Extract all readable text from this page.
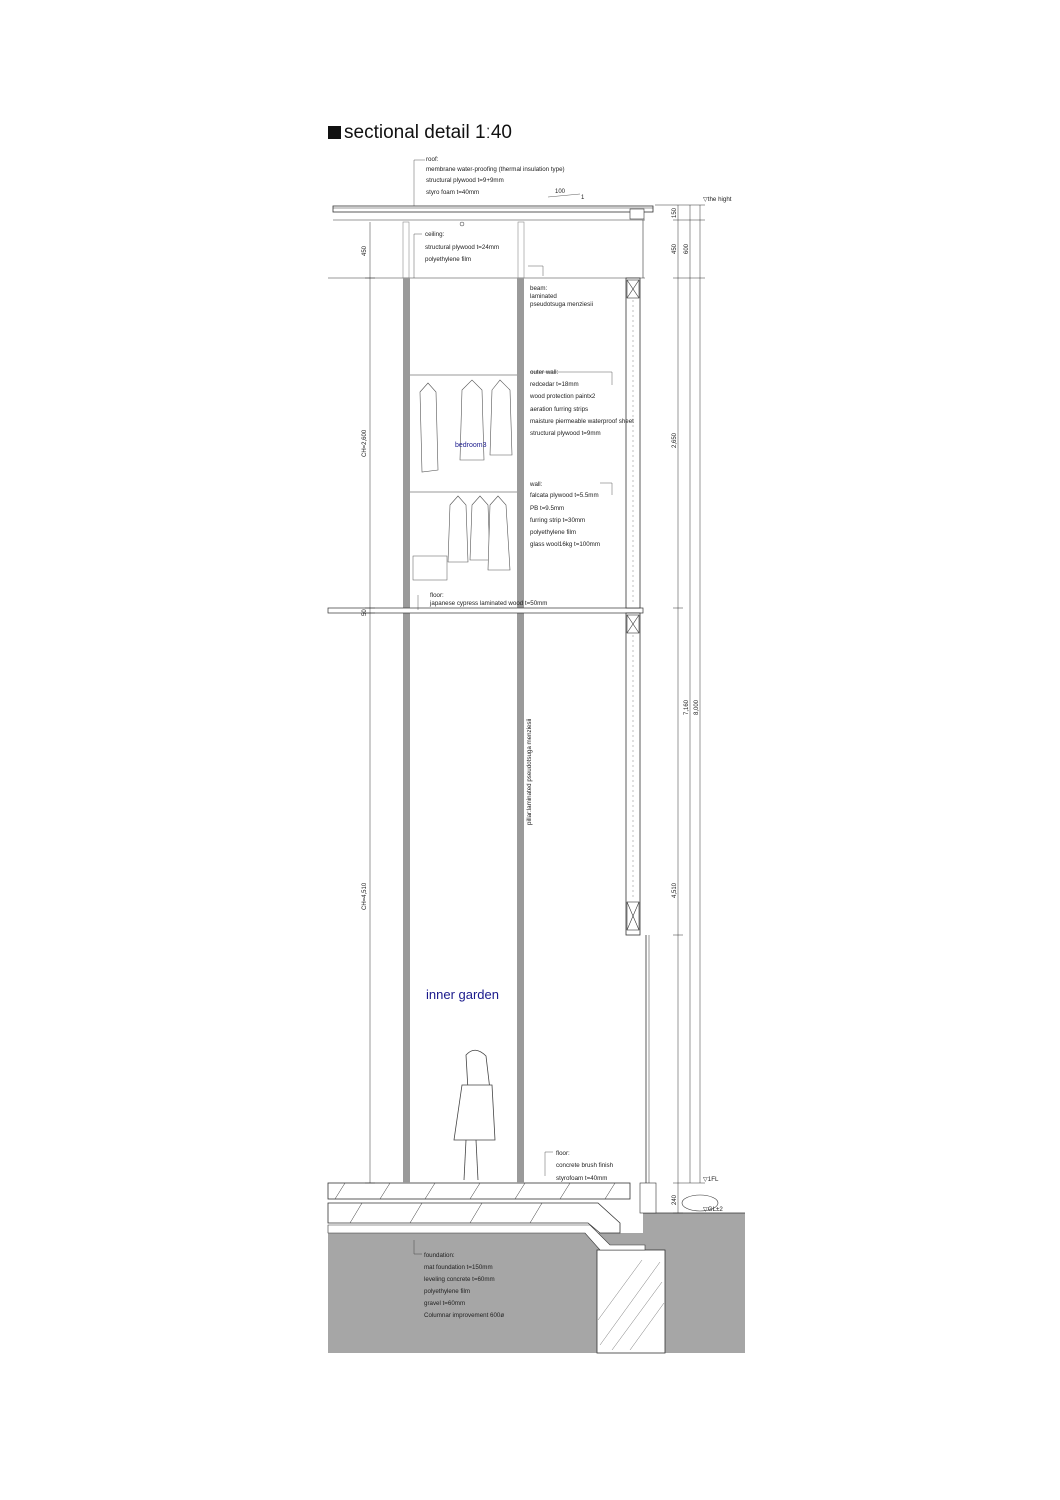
sectional detail 1ː40
roof:
membrane water-proofing (thermal insulation type)
structural plywood t=9+9mm
styro foam t=40mm	100
1
ceiling:
structural plywood t=24mm
polyethylene film
beam:
laminated
pseudotsuga menziesii
outer wall:
redcedar t=18mm
wood protection paintx2
aeration furring strips
maisture piermeable waterproof sheet
structural plywood t=9mm
bedroom3
wall:
falcata plywood t=5.5mm
PB t=9.5mm
furring strip t=30mm
polyethylene film
glass wool16kg t=100mm
floor:
japanese cypress laminated wood t=50mm
pillar:laminated pseudotsuga menziesii
inner garden
floor:
concrete brush finish
styrofoam t=40mm
foundation:
mat foundation t=150mm
leveling concrete t=60mm
polyethylene film
gravel t=60mm
Columnar improvement 600ø
▽the hight
▽1FL
▽GL±2
450
CH=2,600
50
CH=4,510
150
450 600
2,650
4,510
7,160 8,000
240
